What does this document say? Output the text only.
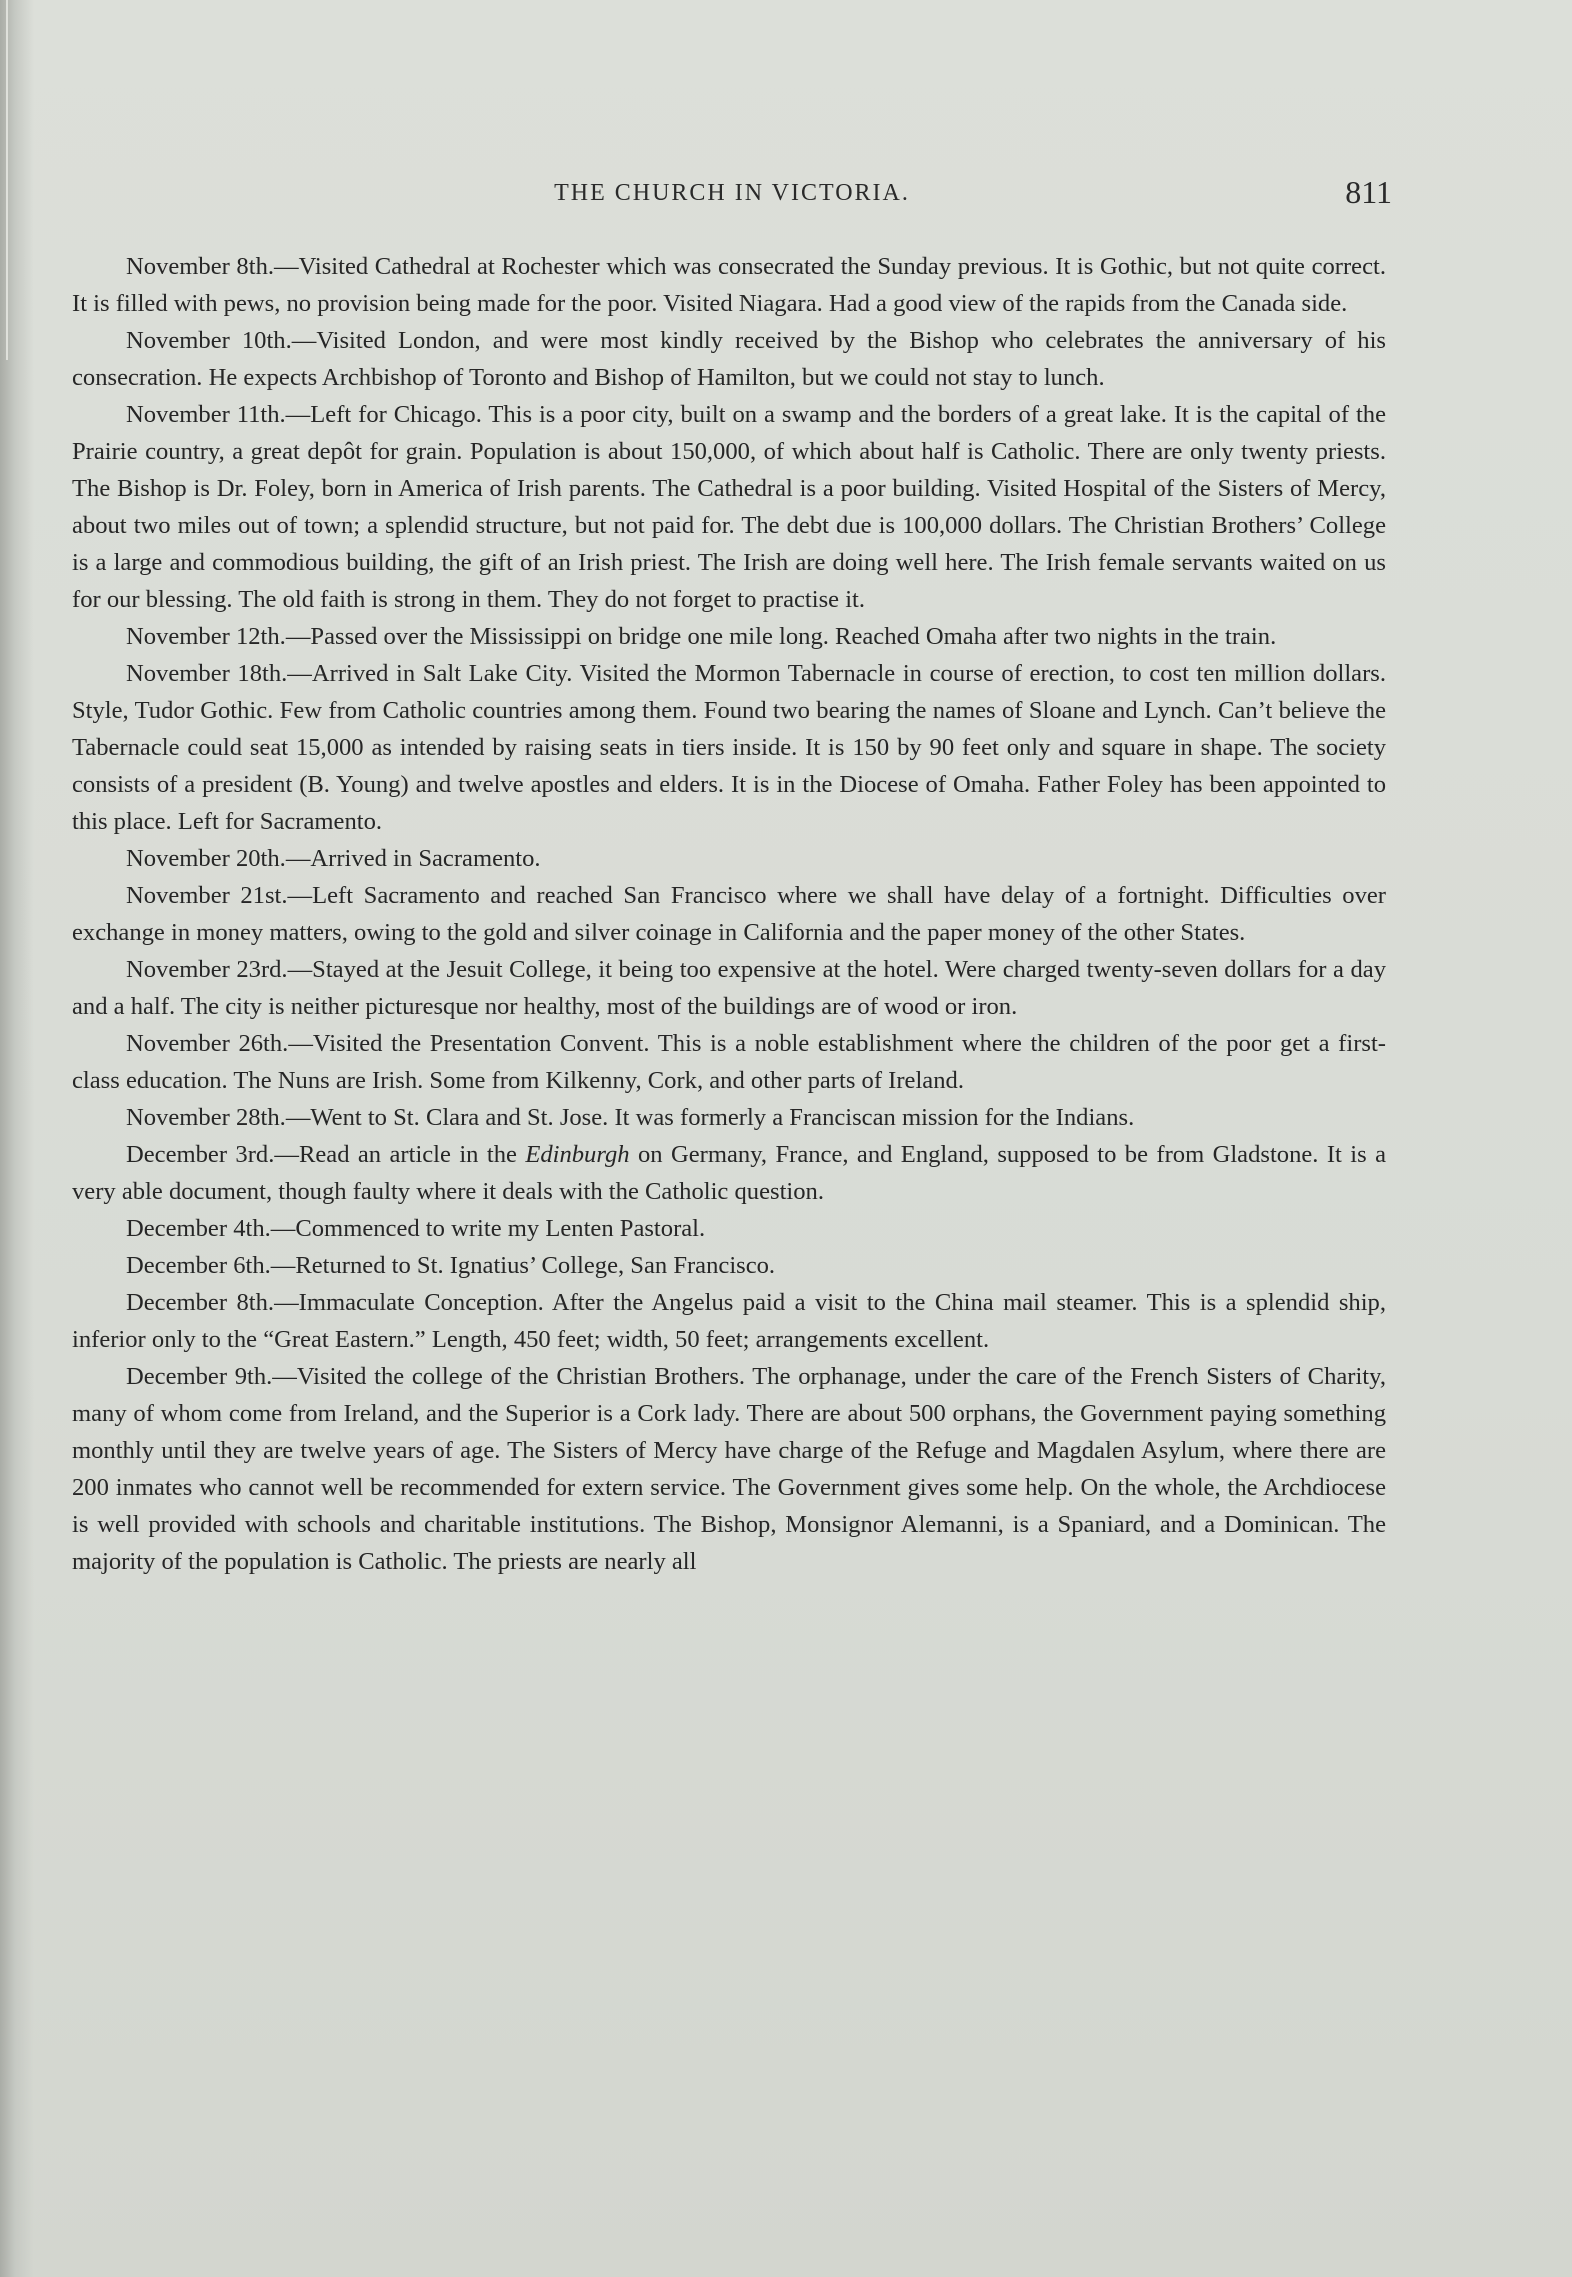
THE CHURCH IN VICTORIA.	811

November 8th.—Visited Cathedral at Rochester which was consecrated the Sunday previous. It is Gothic, but not quite correct. It is filled with pews, no provision being made for the poor. Visited Niagara. Had a good view of the rapids from the Canada side.

November 10th.—Visited London, and were most kindly received by the Bishop who celebrates the anniversary of his consecration. He expects Archbishop of Toronto and Bishop of Hamilton, but we could not stay to lunch.

November 11th.—Left for Chicago. This is a poor city, built on a swamp and the borders of a great lake. It is the capital of the Prairie country, a great depôt for grain. Population is about 150,000, of which about half is Catholic. There are only twenty priests. The Bishop is Dr. Foley, born in America of Irish parents. The Cathedral is a poor building. Visited Hospital of the Sisters of Mercy, about two miles out of town; a splendid structure, but not paid for. The debt due is 100,000 dollars. The Christian Brothers’ College is a large and commodious building, the gift of an Irish priest. The Irish are doing well here. The Irish female servants waited on us for our blessing. The old faith is strong in them. They do not forget to practise it.

November 12th.—Passed over the Mississippi on bridge one mile long. Reached Omaha after two nights in the train.

November 18th.—Arrived in Salt Lake City. Visited the Mormon Tabernacle in course of erection, to cost ten million dollars. Style, Tudor Gothic. Few from Catholic countries among them. Found two bearing the names of Sloane and Lynch. Can’t believe the Tabernacle could seat 15,000 as intended by raising seats in tiers inside. It is 150 by 90 feet only and square in shape. The society consists of a president (B. Young) and twelve apostles and elders. It is in the Diocese of Omaha. Father Foley has been appointed to this place. Left for Sacramento.

November 20th.—Arrived in Sacramento.

November 21st.—Left Sacramento and reached San Francisco where we shall have delay of a fortnight. Difficulties over exchange in money matters, owing to the gold and silver coinage in California and the paper money of the other States.

November 23rd.—Stayed at the Jesuit College, it being too expensive at the hotel. Were charged twenty-seven dollars for a day and a half. The city is neither picturesque nor healthy, most of the buildings are of wood or iron.

November 26th.—Visited the Presentation Convent. This is a noble establishment where the children of the poor get a first-class education. The Nuns are Irish. Some from Kilkenny, Cork, and other parts of Ireland.

November 28th.—Went to St. Clara and St. Jose. It was formerly a Franciscan mission for the Indians.

December 3rd.—Read an article in the Edinburgh on Germany, France, and England, supposed to be from Gladstone. It is a very able document, though faulty where it deals with the Catholic question.

December 4th.—Commenced to write my Lenten Pastoral.

December 6th.—Returned to St. Ignatius’ College, San Francisco.

December 8th.—Immaculate Conception. After the Angelus paid a visit to the China mail steamer. This is a splendid ship, inferior only to the “Great Eastern.” Length, 450 feet; width, 50 feet; arrangements excellent.

December 9th.—Visited the college of the Christian Brothers. The orphanage, under the care of the French Sisters of Charity, many of whom come from Ireland, and the Superior is a Cork lady. There are about 500 orphans, the Government paying something monthly until they are twelve years of age. The Sisters of Mercy have charge of the Refuge and Magdalen Asylum, where there are 200 inmates who cannot well be recommended for extern service. The Government gives some help. On the whole, the Archdiocese is well provided with schools and charitable institutions. The Bishop, Monsignor Alemanni, is a Spaniard, and a Dominican. The majority of the population is Catholic. The priests are nearly all
